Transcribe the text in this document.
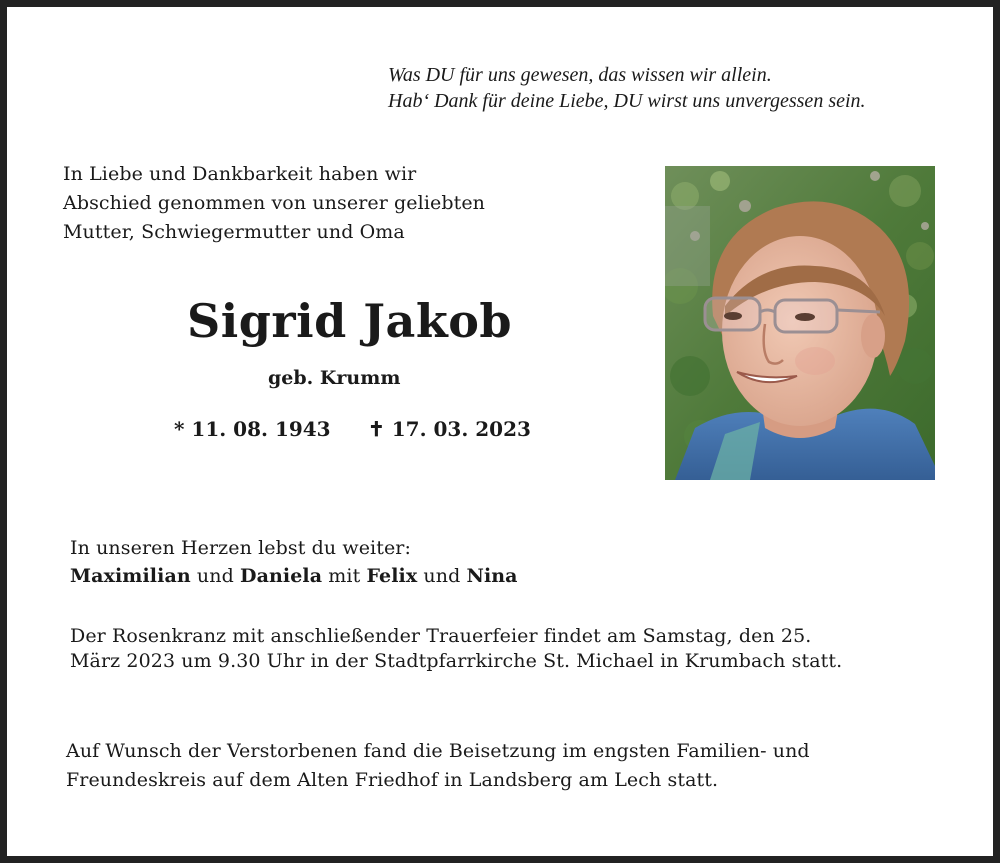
Was DU für uns gewesen, das wissen wir allein.
Hab‘ Dank für deine Liebe, DU wirst uns unvergessen sein.
In Liebe und Dankbarkeit haben wir
Abschied genommen von unserer geliebten
Mutter, Schwiegermutter und Oma
Sigrid Jakob
geb. Krumm
* 11. 08. 1943 ✝ 17. 03. 2023
In unseren Herzen lebst du weiter:
Maximilian und Daniela mit Felix und Nina
Der Rosenkranz mit anschließender Trauerfeier findet am Samstag, den 25.
März 2023 um 9.30 Uhr in der Stadtpfarrkirche St. Michael in Krumbach statt.
Auf Wunsch der Verstorbenen fand die Beisetzung im engsten Familien- und
Freundeskreis auf dem Alten Friedhof in Landsberg am Lech statt.
